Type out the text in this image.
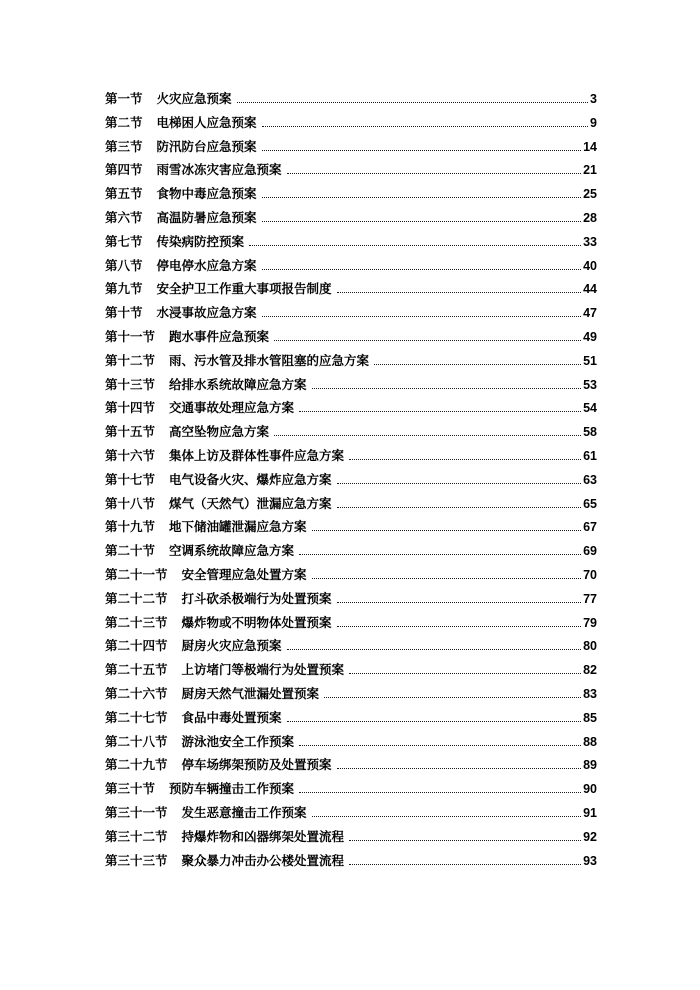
第一节 火灾应急预案	3
第二节 电梯困人应急预案	9
第三节 防汛防台应急预案	14
第四节 雨雪冰冻灾害应急预案	21
第五节 食物中毒应急预案	25
第六节 高温防暑应急预案	28
第七节 传染病防控预案	33
第八节 停电停水应急方案	40
第九节 安全护卫工作重大事项报告制度	44
第十节 水浸事故应急方案	47
第十一节 跑水事件应急预案	49
第十二节 雨、污水管及排水管阻塞的应急方案	51
第十三节 给排水系统故障应急方案	53
第十四节 交通事故处理应急方案	54
第十五节 高空坠物应急方案	58
第十六节 集体上访及群体性事件应急方案	61
第十七节 电气设备火灾、爆炸应急方案	63
第十八节 煤气（天然气）泄漏应急方案	65
第十九节 地下储油罐泄漏应急方案	67
第二十节 空调系统故障应急方案	69
第二十一节 安全管理应急处置方案	70
第二十二节 打斗砍杀极端行为处置预案	77
第二十三节 爆炸物或不明物体处置预案	79
第二十四节 厨房火灾应急预案	80
第二十五节 上访堵门等极端行为处置预案	82
第二十六节 厨房天然气泄漏处置预案	83
第二十七节 食品中毒处置预案	85
第二十八节 游泳池安全工作预案	88
第二十九节 停车场绑架预防及处置预案	89
第三十节 预防车辆撞击工作预案	90
第三十一节 发生恶意撞击工作预案	91
第三十二节 持爆炸物和凶器绑架处置流程	92
第三十三节 聚众暴力冲击办公楼处置流程	93
